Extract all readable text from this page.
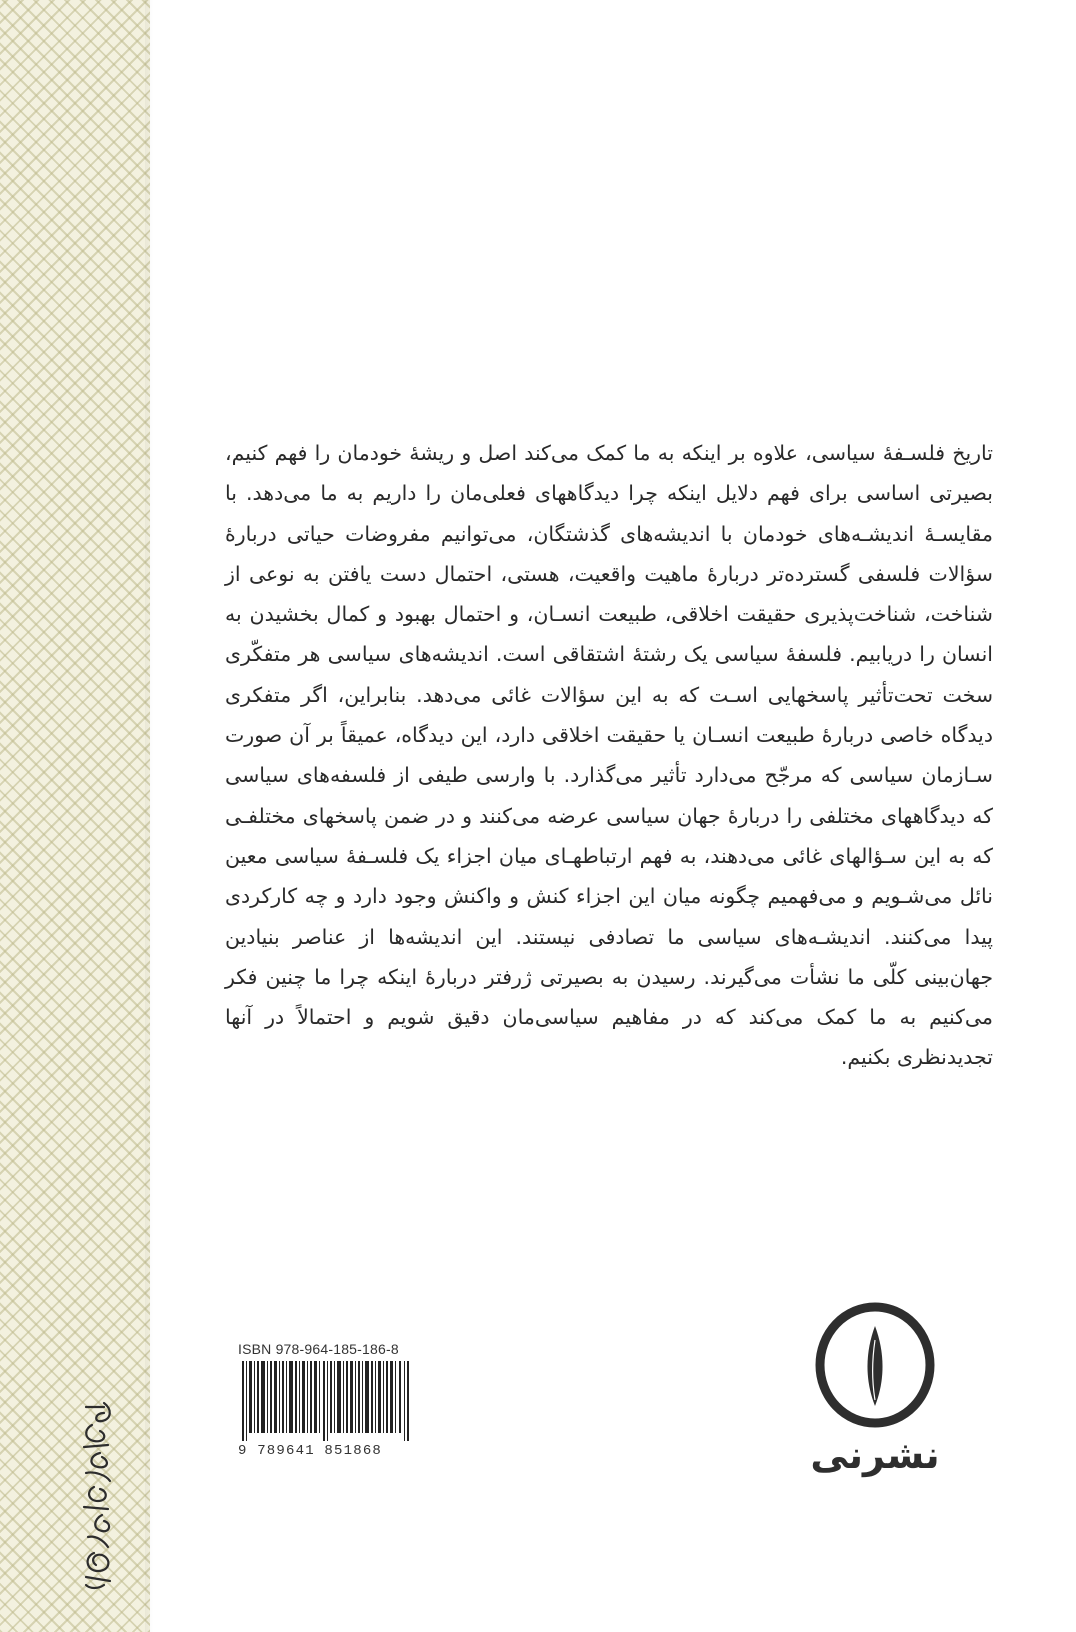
تاریخ فلسـفهٔ سیاسی، علاوه بر اینکه به ما کمک می‌کند اصل و ریشهٔ خودمان را فهم کنیم، بصیرتی اساسی برای فهم دلایل اینکه چرا دیدگاههای فعلی‌مان را داریم به ما می‌دهد. با مقایسـهٔ اندیشـه‌های خودمان با اندیشه‌های گذشتگان، می‌توانیم مفروضات حیاتی دربارهٔ سؤالات فلسفی گسترده‌تر دربارهٔ ماهیت واقعیت، هستی، احتمال دست یافتن به نوعی از شناخت، شناخت‌پذیری حقیقت اخلاقی، طبیعت انسـان، و احتمال بهبود و کمال بخشیدن به انسان را دریابیم. فلسفهٔ سیاسی یک رشتهٔ اشتقاقی است. اندیشه‌های سیاسی هر متفکّری سخت تحت‌تأثیر پاسخهایی اسـت که به این سؤالات غائی می‌دهد. بنابراین، اگر متفکری دیدگاه خاصی دربارهٔ طبیعت انسـان یا حقیقت اخلاقی دارد، این دیدگاه، عمیقاً بر آن صورت سـازمان سیاسی که مرجّح می‌دارد تأثیر می‌گذارد. با وارسی طیفی از فلسفه‌های سیاسی که دیدگاههای مختلفی را دربارهٔ جهان سیاسی عرضه می‌کنند و در ضمن پاسخهای مختلفـی که به این سـؤالهای غائی می‌دهند، به فهم ارتباطهـای میان اجزاء یک فلسـفهٔ سیاسی معین نائل می‌شـویم و می‌فهمیم چگونه میان این اجزاء کنش و واکنش وجود دارد و چه کارکردی پیدا می‌کنند. اندیشـه‌های سیاسی ما تصادفی نیستند. این اندیشه‌ها از عناصر بنیادین جهان‌بینی کلّی ما نشأت می‌گیرند. رسیدن به بصیرتی ژرفتر دربارهٔ اینکه چرا ما چنین فکر می‌کنیم به ما کمک می‌کند که در مفاهیم سیاسی‌مان دقیق شویم و احتمالاً در آنها تجدیدنظری بکنیم.
ISBN 978-964-185-186-8
9 789641 851868	نشرنی
